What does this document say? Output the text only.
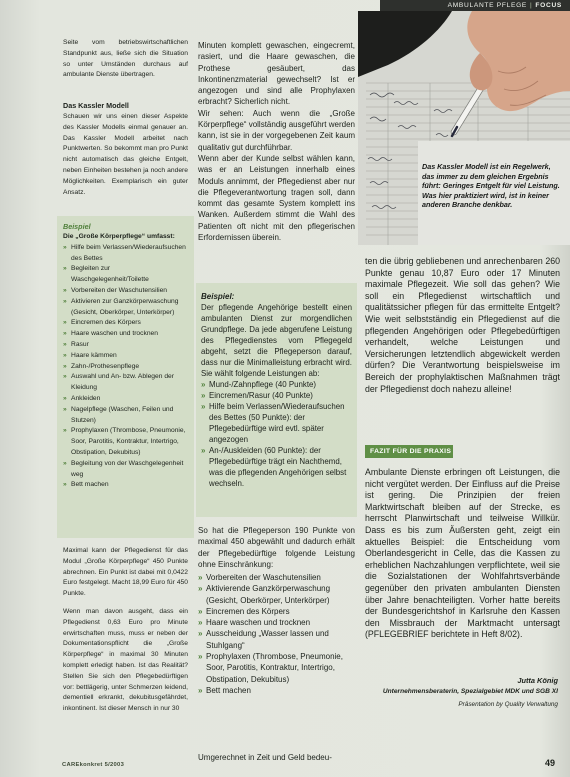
AMBULANTE PFLEGE | FOCUS
Das Kassler Modell ist ein Regelwerk, das immer zu dem gleichen Ergebnis führt: Geringes Entgelt für viel Leistung. Was hier praktiziert wird, ist in keiner anderen Branche denkbar.

Seite vom betriebswirtschaftlichen Standpunkt aus, ließe sich die Situation so unter Umständen durchaus auf ambulante Dienste übertragen.

Das Kassler Modell

Schauen wir uns einen dieser Aspekte des Kassler Modells einmal genauer an. Das Kassler Modell arbeitet nach Punktwerten. So bekommt man pro Punkt nicht automatisch das gleiche Entgelt, neben Einheiten bestehen ja noch andere Möglichkeiten. Exemplarisch ein guter Ansatz.

Beispiel
Die „Große Körperpflege“ umfasst:
» Hilfe beim Verlassen/Wiederaufsuchen des Bettes
» Begleiten zur Waschgelegenheit/Toilette
» Vorbereiten der Waschutensilien
» Aktivieren zur Ganzkörperwaschung (Gesicht, Oberkörper, Unterkörper)
» Eincremen des Körpers
» Haare waschen und trocknen
» Rasur
» Haare kämmen
» Zahn-/Prothesenpflege
» Auswahl und An- bzw. Ablegen der Kleidung
» Ankleiden
» Nagelpflege (Waschen, Feilen und Stutzen)
» Prophylaxen (Thrombose, Pneumonie, Soor, Parotitis, Kontraktur, Intertrigo, Obstipation, Dekubitus)
» Begleitung von der Waschgelegenheit weg
» Bett machen

Maximal kann der Pflegedienst für das Modul „Große Körperpflege“ 450 Punkte abrechnen. Ein Punkt ist dabei mit 0,0422 Euro festgelegt. Macht 18,99 Euro für 450 Punkte.

Wenn man davon ausgeht, dass ein Pflegedienst 0,63 Euro pro Minute erwirtschaften muss, muss er neben der Dokumentationspflicht die „Große Körperpflege“ in maximal 30 Minuten komplett erledigt haben. Ist das Realität? Stellen Sie sich den Pflegebedürftigen vor: bettlägerig, unter Schmerzen leidend, dementiell erkrankt, dekubitusgefährdet, inkontinent. Ist dieser Mensch in nur 30

Minuten komplett gewaschen, eingecremt, rasiert, und die Haare gewaschen, die Prothese gesäubert, das Inkontinenzmaterial gewechselt? Ist er angezogen und sind alle Prophylaxen erbracht? Sicherlich nicht.

Wir sehen: Auch wenn die „Große Körperpflege“ vollständig ausgeführt werden kann, ist sie in der vorgegebenen Zeit kaum qualitativ gut durchführbar.

Wenn aber der Kunde selbst wählen kann, was er an Leistungen innerhalb eines Moduls annimmt, der Pflegedienst aber nur die Pflegeverantwortung tragen soll, dann kommt das gesamte System komplett ins Wanken. Außerdem stimmt die Wahl des Patienten oft nicht mit den pflegerischen Erfordernissen überein.

Beispiel:

Der pflegende Angehörige bestellt einen ambulanten Dienst zur morgendlichen Grundpflege. Da jede abgerufene Leistung des Pflegedienstes vom Pflegegeld abgeht, setzt die Pflegeperson darauf, dass nur die Minimalleistung erbracht wird. Sie wählt folgende Leistungen ab:

» Mund-/Zahnpflege (40 Punkte)
» Eincremen/Rasur (40 Punkte)
» Hilfe beim Verlassen/Wiederaufsuchen des Bettes (50 Punkte): der Pflegebedürftige wird evtl. später angezogen
» An-/Auskleiden (60 Punkte): der Pflegebedürftige trägt ein Nachthemd, was die pflegenden Angehörigen selbst wechseln.

So hat die Pflegeperson 190 Punkte von maximal 450 abgewählt und dadurch erhält der Pflegebedürftige folgende Leistung ohne Einschränkung:

» Vorbereiten der Waschutensilien
» Aktivierende Ganzkörperwaschung (Gesicht, Oberkörper, Unterkörper)
» Eincremen des Körpers
» Haare waschen und trocknen
» Ausscheidung „Wasser lassen und Stuhlgang“
» Prophylaxen (Thrombose, Pneumonie, Soor, Parotitis, Kontraktur, Intertrigo, Obstipation, Dekubitus)
» Bett machen

Umgerechnet in Zeit und Geld bedeu-

ten die übrig gebliebenen und anrechenbaren 260 Punkte genau 10,87 Euro oder 17 Minuten maximale Pflegezeit. Wie soll das gehen? Wie soll ein Pflegedienst wirtschaftlich und qualitätssicher pflegen für das ermittelte Entgelt? Wie weit selbstständig ein Pflegedienst auf die pflegenden Angehörigen oder Pflegebedürftigen verhandelt, welche Leistungen und Versicherungen letztendlich abgewickelt werden dürfen? Die Verantwortung beispielsweise im Bereich der prophylaktischen Maßnahmen trägt der Pflegedienst doch nahezu alleine!

FAZIT FÜR DIE PRAXIS

Ambulante Dienste erbringen oft Leistungen, die nicht vergütet werden. Der Einfluss auf die Preise ist gering. Die Prinzipien der freien Marktwirtschaft bleiben auf der Strecke, es herrscht Planwirtschaft und teilweise Willkür. Dass es bis zum Äußersten geht, zeigt ein aktuelles Beispiel: die Entscheidung vom Oberlandesgericht in Celle, das die Kassen zu erheblichen Nachzahlungen verpflichtete, weil sie die Sozialstationen der Wohlfahrtsverbände gegenüber den privaten ambulanten Diensten über Jahre benachteiligten. Vorher hatte bereits der Bundesgerichtshof in Karlsruhe den Kassen den Missbrauch der Marktmacht untersagt (PFLEGEBRIEF berichtete in Heft 8/02).

Jutta König
Unternehmensberaterin, Spezialgebiet MDK und SGB XI
Präsentation by Quality Verwaltung
CAREkonkret 5/2003	49
